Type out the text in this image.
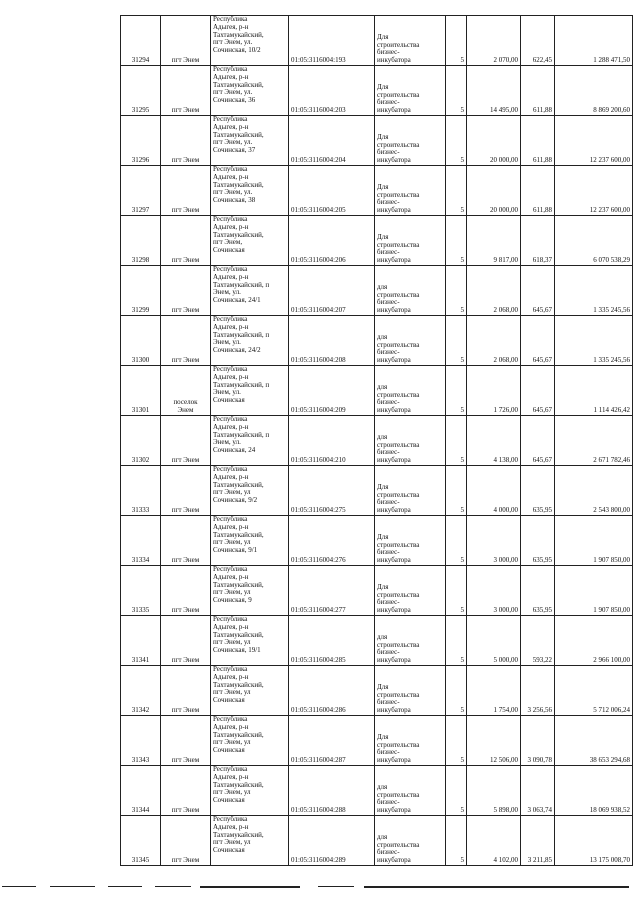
31294	пгт Энем	Республика
Адыгея, р-н
Тахтамукайский,
пгт Энем, ул.
Сочинская, 10/2	01:05:3116004:193	Для
строительства
бизнес-
инкубатора	5	2 070,00	622,45	1 288 471,50
31295	пгт Энем	Республика
Адыгея, р-н
Тахтамукайский,
пгт Энем, ул.
Сочинская, 36	01:05:3116004:203	Для
строительства
бизнес-
инкубатора	5	14 495,00	611,88	8 869 200,60
31296	пгт Энем	Республика
Адыгея, р-н
Тахтамукайский,
пгт Энем, ул.
Сочинская, 37	01:05:3116004:204	Для
строительства
бизнес-
инкубатора	5	20 000,00	611,88	12 237 600,00
31297	пгт Энем	Республика
Адыгея, р-н
Тахтамукайский,
пгт Энем, ул.
Сочинская, 38	01:05:3116004:205	Для
строительства
бизнес-
инкубатора	5	20 000,00	611,88	12 237 600,00
31298	пгт Энем	Республика
Адыгея, р-н
Тахтамукайский,
пгт Энем,
Сочинская	01:05:3116004:206	Для
строительства
бизнес-
инкубатора	5	9 817,00	618,37	6 070 538,29
31299	пгт Энем	Республика
Адыгея, р-н
Тахтамукайский, п
Энем, ул.
Сочинская, 24/1	01:05:3116004:207	для
строительства
бизнес-
инкубатора	5	2 068,00	645,67	1 335 245,56
31300	пгт Энем	Республика
Адыгея, р-н
Тахтамукайский, п
Энем, ул.
Сочинская, 24/2	01:05:3116004:208	для
строительства
бизнес-
инкубатора	5	2 068,00	645,67	1 335 245,56
31301	поселок
Энем	Республика
Адыгея, р-н
Тахтамукайский, п
Энем, ул.
Сочинская	01:05:3116004:209	для
строительства
бизнес-
инкубатора	5	1 726,00	645,67	1 114 426,42
31302	пгт Энем	Республика
Адыгея, р-н
Тахтамукайский, п
Энем, ул.
Сочинская, 24	01:05:3116004:210	для
строительства
бизнес-
инкубатора	5	4 138,00	645,67	2 671 782,46
31333	пгт Энем	Республика
Адыгея, р-н
Тахтамукайский,
пгт Энем, ул
Сочинская, 9/2	01:05:3116004:275	Для
строительства
бизнес-
инкубатора	5	4 000,00	635,95	2 543 800,00
31334	пгт Энем	Республика
Адыгея, р-н
Тахтамукайский,
пгт Энем, ул
Сочинская, 9/1	01:05:3116004:276	Для
строительства
бизнес-
инкубатора	5	3 000,00	635,95	1 907 850,00
31335	пгт Энем	Республика
Адыгея, р-н
Тахтамукайский,
пгт Энем, ул
Сочинская, 9	01:05:3116004:277	Для
строительства
бизнес-
инкубатора	5	3 000,00	635,95	1 907 850,00
31341	пгт Энем	Республика
Адыгея, р-н
Тахтамукайский,
пгт Энем, ул
Сочинская, 19/1	01:05:3116004:285	для
строительства
бизнес-
инкубатора	5	5 000,00	593,22	2 966 100,00
31342	пгт Энем	Республика
Адыгея, р-н
Тахтамукайский,
пгт Энем, ул
Сочинская	01:05:3116004:286	Для
строительства
бизнес-
инкубатора	5	1 754,00	3 256,56	5 712 006,24
31343	пгт Энем	Республика
Адыгея, р-н
Тахтамукайский,
пгт Энем, ул
Сочинская	01:05:3116004:287	Для
строительства
бизнес-
инкубатора	5	12 506,00	3 090,78	38 653 294,68
31344	пгт Энем	Республика
Адыгея, р-н
Тахтамукайский,
пгт Энем, ул
Сочинская	01:05:3116004:288	для
строительства
бизнес-
инкубатора	5	5 898,00	3 063,74	18 069 938,52
31345	пгт Энем	Республика
Адыгея, р-н
Тахтамукайский,
пгт Энем, ул
Сочинская	01:05:3116004:289	для
строительства
бизнес-
инкубатора	5	4 102,00	3 211,85	13 175 008,70
